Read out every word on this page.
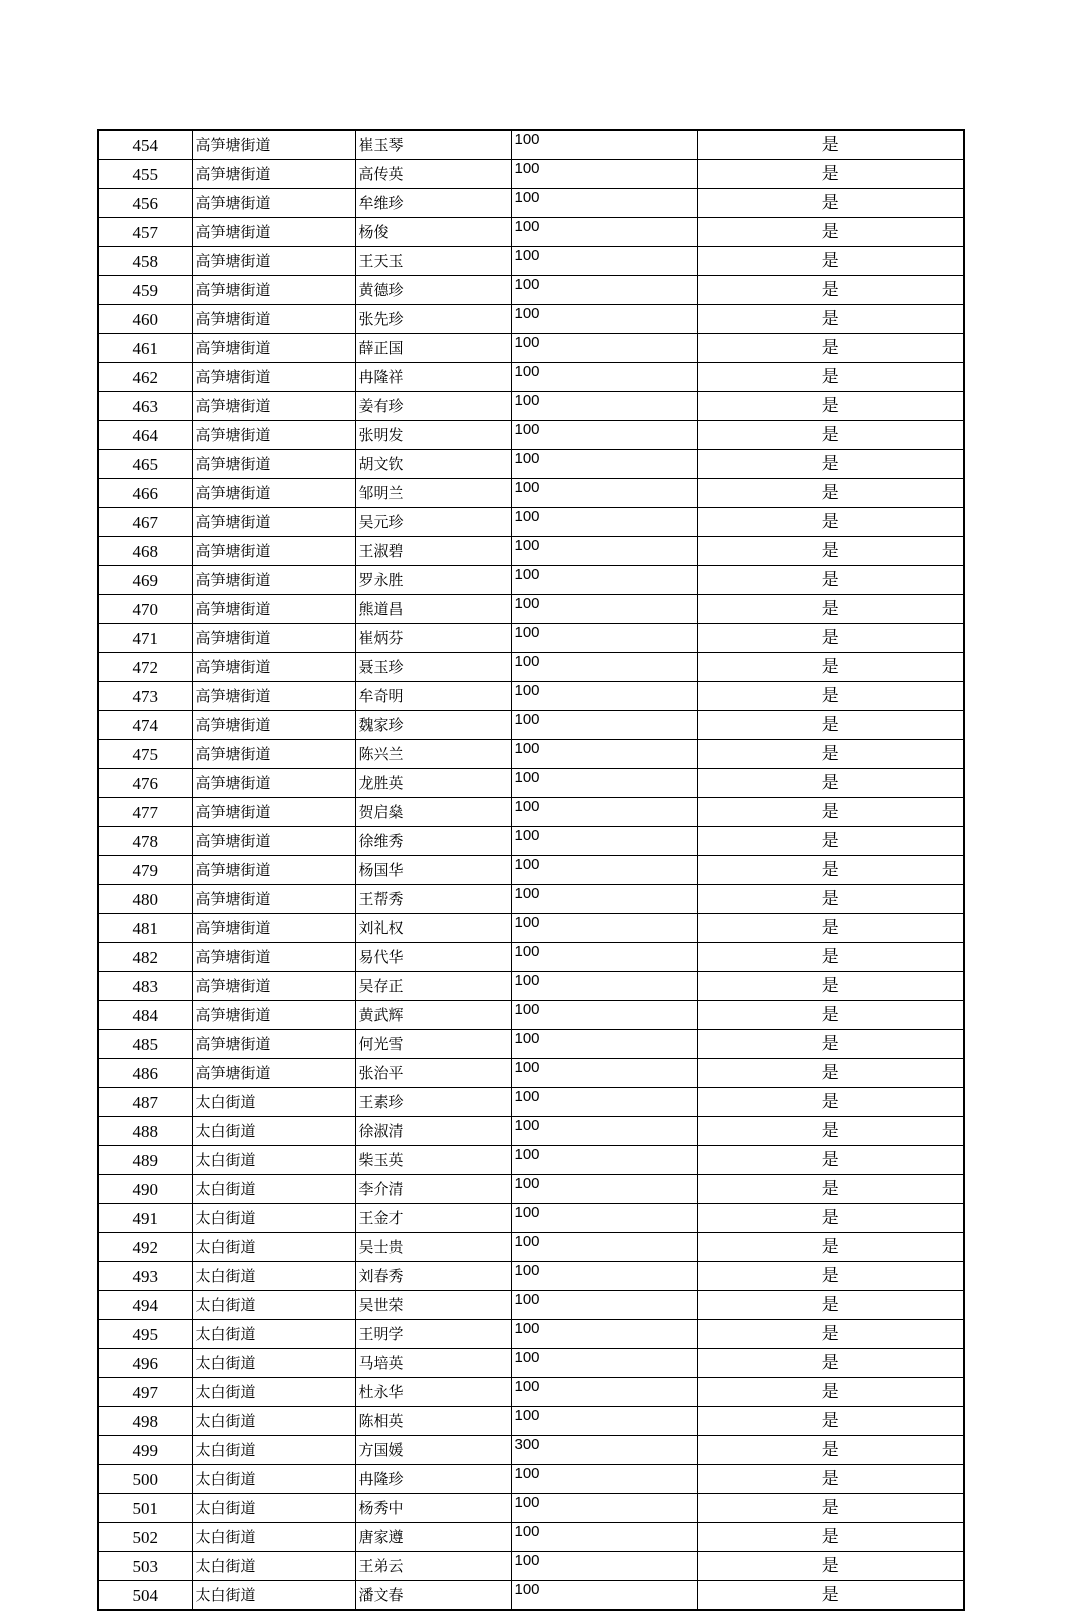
454	高笋塘街道	崔玉琴	100	是
455	高笋塘街道	高传英	100	是
456	高笋塘街道	牟维珍	100	是
457	高笋塘街道	杨俊	100	是
458	高笋塘街道	王天玉	100	是
459	高笋塘街道	黄德珍	100	是
460	高笋塘街道	张先珍	100	是
461	高笋塘街道	薛正国	100	是
462	高笋塘街道	冉隆祥	100	是
463	高笋塘街道	姜有珍	100	是
464	高笋塘街道	张明发	100	是
465	高笋塘街道	胡文钦	100	是
466	高笋塘街道	邹明兰	100	是
467	高笋塘街道	吴元珍	100	是
468	高笋塘街道	王淑碧	100	是
469	高笋塘街道	罗永胜	100	是
470	高笋塘街道	熊道昌	100	是
471	高笋塘街道	崔炳芬	100	是
472	高笋塘街道	聂玉珍	100	是
473	高笋塘街道	牟奇明	100	是
474	高笋塘街道	魏家珍	100	是
475	高笋塘街道	陈兴兰	100	是
476	高笋塘街道	龙胜英	100	是
477	高笋塘街道	贺启燊	100	是
478	高笋塘街道	徐维秀	100	是
479	高笋塘街道	杨国华	100	是
480	高笋塘街道	王帮秀	100	是
481	高笋塘街道	刘礼权	100	是
482	高笋塘街道	易代华	100	是
483	高笋塘街道	吴存正	100	是
484	高笋塘街道	黄武辉	100	是
485	高笋塘街道	何光雪	100	是
486	高笋塘街道	张治平	100	是
487	太白街道	王素珍	100	是
488	太白街道	徐淑清	100	是
489	太白街道	柴玉英	100	是
490	太白街道	李介清	100	是
491	太白街道	王金才	100	是
492	太白街道	吴士贵	100	是
493	太白街道	刘春秀	100	是
494	太白街道	吴世荣	100	是
495	太白街道	王明学	100	是
496	太白街道	马培英	100	是
497	太白街道	杜永华	100	是
498	太白街道	陈相英	100	是
499	太白街道	方国媛	300	是
500	太白街道	冉隆珍	100	是
501	太白街道	杨秀中	100	是
502	太白街道	唐家遵	100	是
503	太白街道	王弟云	100	是
504	太白街道	潘文春	100	是
